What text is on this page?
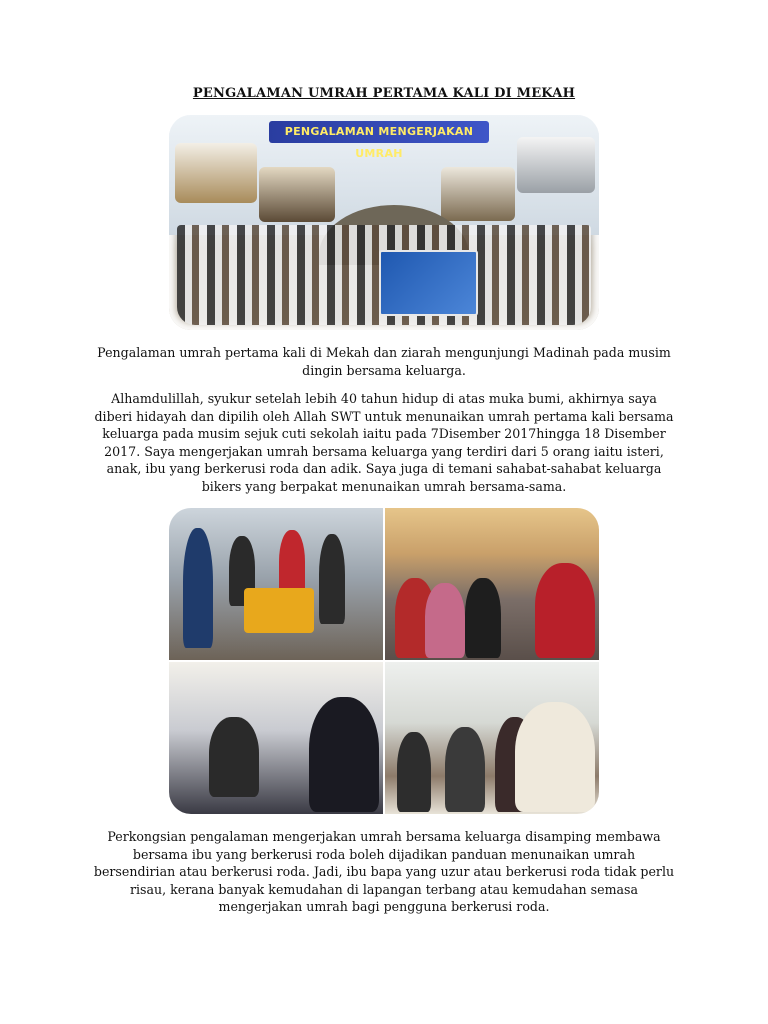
PENGALAMAN UMRAH PERTAMA KALI DI MEKAH
PENGALAMAN MENGERJAKAN UMRAH
Pengalaman umrah pertama kali di Mekah dan ziarah mengunjungi Madinah pada musim dingin bersama keluarga.
Alhamdulillah, syukur setelah lebih 40 tahun hidup di atas muka bumi, akhirnya saya diberi hidayah dan dipilih oleh Allah SWT untuk menunaikan umrah pertama kali bersama keluarga pada musim sejuk cuti sekolah iaitu pada 7Disember 2017hingga 18 Disember 2017. Saya mengerjakan umrah bersama keluarga yang terdiri dari 5 orang iaitu isteri, anak, ibu yang berkerusi roda dan adik. Saya juga di temani sahabat-sahabat keluarga bikers yang berpakat menunaikan umrah bersama-sama.
Perkongsian pengalaman mengerjakan umrah bersama keluarga disamping membawa bersama ibu yang berkerusi roda boleh dijadikan panduan menunaikan umrah bersendirian atau berkerusi roda. Jadi, ibu bapa yang uzur atau berkerusi roda tidak perlu risau, kerana banyak kemudahan di lapangan terbang atau kemudahan semasa mengerjakan umrah bagi pengguna berkerusi roda.
